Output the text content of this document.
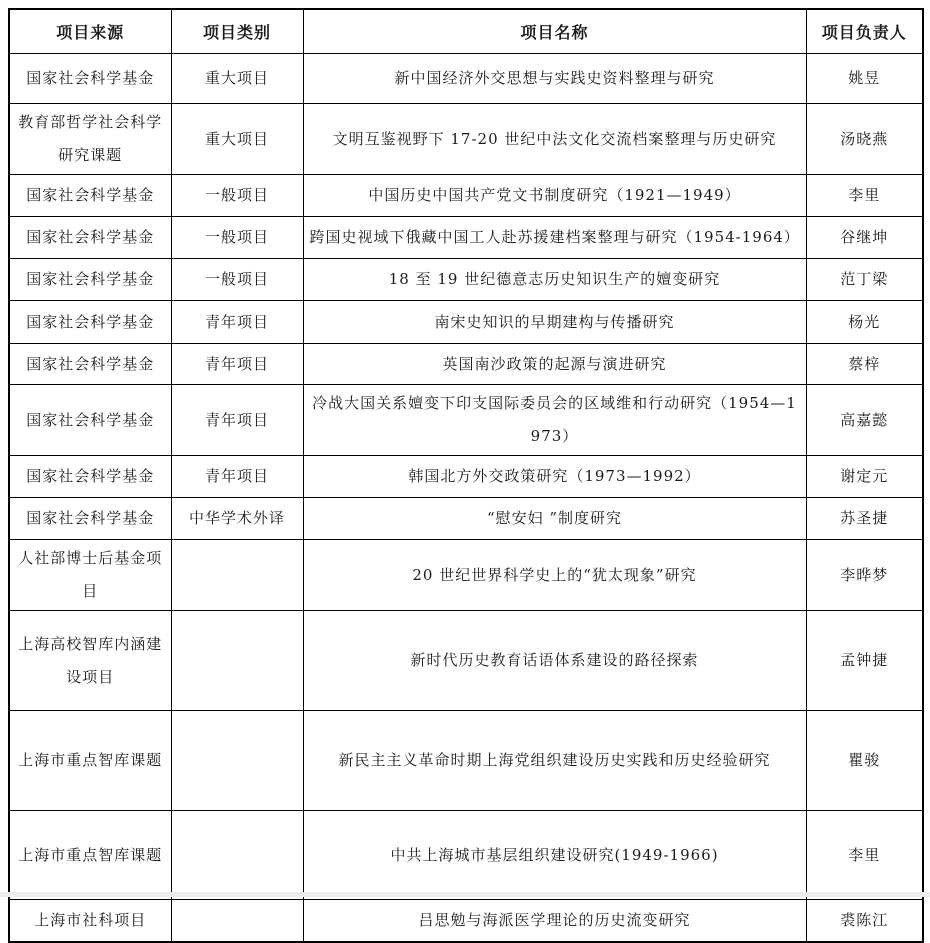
项目来源	项目类别	项目名称	项目负责人
国家社会科学基金	重大项目	新中国经济外交思想与实践史资料整理与研究	姚昱
教育部哲学社会科学研究课题	重大项目	文明互鉴视野下 17-20 世纪中法文化交流档案整理与历史研究	汤晓燕
国家社会科学基金	一般项目	中国历史中国共产党文书制度研究（1921—1949）	李里
国家社会科学基金	一般项目	跨国史视域下俄藏中国工人赴苏援建档案整理与研究（1954-1964）	谷继坤
国家社会科学基金	一般项目	18 至 19 世纪德意志历史知识生产的嬗变研究	范丁梁
国家社会科学基金	青年项目	南宋史知识的早期建构与传播研究	杨光
国家社会科学基金	青年项目	英国南沙政策的起源与演进研究	蔡梓
国家社会科学基金	青年项目	冷战大国关系嬗变下印支国际委员会的区域维和行动研究（1954—1973）	高嘉懿
国家社会科学基金	青年项目	韩国北方外交政策研究（1973—1992）	谢定元
国家社会科学基金	中华学术外译	“慰安妇 ”制度研究	苏圣捷
人社部博士后基金项目		20 世纪世界科学史上的“犹太现象”研究	李晔梦
上海高校智库内涵建设项目		新时代历史教育话语体系建设的路径探索	孟钟捷
上海市重点智库课题		新民主主义革命时期上海党组织建设历史实践和历史经验研究	瞿骏
上海市重点智库课题		中共上海城市基层组织建设研究(1949-1966)	李里
上海市社科项目		吕思勉与海派医学理论的历史流变研究	裘陈江
